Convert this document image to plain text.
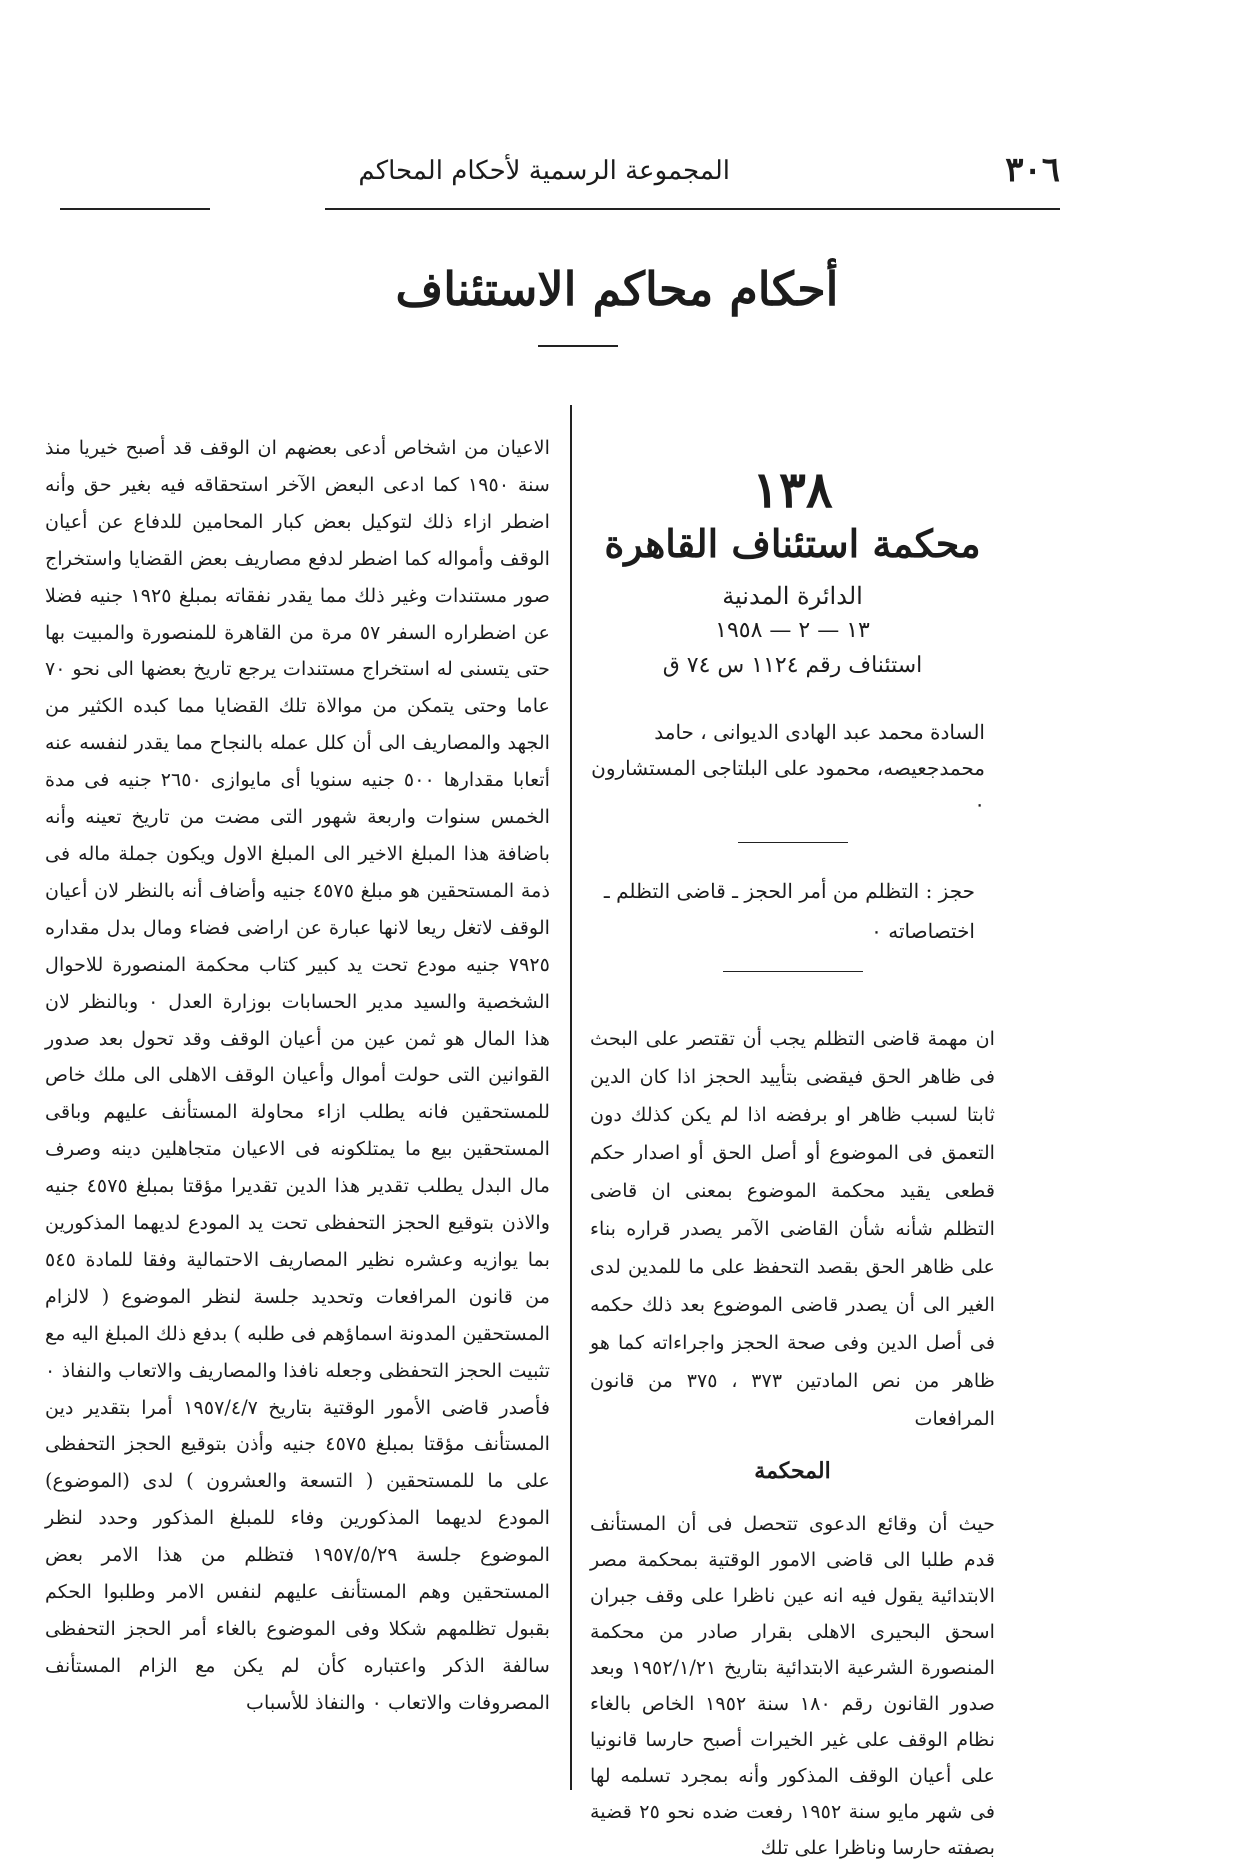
٣٠٦
المجموعة الرسمية لأحكام المحاكم
أحكام محاكم الاستئناف
١٣٨
محكمة استئناف القاهرة
الدائرة المدنية
١٣ — ٢ — ١٩٥٨
استئناف رقم ١١٢٤ س ٧٤ ق
السادة محمد عبد الهادى الديوانى ، حامد محمدجعيصه، محمود على البلتاجى المستشارون ٠
حجز : التظلم من أمر الحجز ـ قاضى التظلم ـ اختصاصاته ٠

ان مهمة قاضى التظلم يجب أن تقتصر على البحث فى ظاهر الحق فيقضى بتأييد الحجز اذا كان الدين ثابتا لسبب ظاهر او برفضه اذا لم يكن كذلك دون التعمق فى الموضوع أو أصل الحق أو اصدار حكم قطعى يقيد محكمة الموضوع بمعنى ان قاضى التظلم شأنه شأن القاضى الآمر يصدر قراره بناء على ظاهر الحق بقصد التحفظ على ما للمدين لدى الغير الى أن يصدر قاضى الموضوع بعد ذلك حكمه فى أصل الدين وفى صحة الحجز واجراءاته كما هو ظاهر من نص المادتين ٣٧٣ ، ٣٧٥ من قانون المرافعات

المحكمة

حيث أن وقائع الدعوى تتحصل فى أن المستأنف قدم طلبا الى قاضى الامور الوقتية بمحكمة مصر الابتدائية يقول فيه انه عين ناظرا على وقف جبران اسحق البحيرى الاهلى بقرار صادر من محكمة المنصورة الشرعية الابتدائية بتاريخ ١٩٥٢/١/٢١ وبعد صدور القانون رقم ١٨٠ سنة ١٩٥٢ الخاص بالغاء نظام الوقف على غير الخيرات أصبح حارسا قانونيا على أعيان الوقف المذكور وأنه بمجرد تسلمه لها فى شهر مايو سنة ١٩٥٢ رفعت ضده نحو ٢٥ قضية بصفته حارسا وناظرا على تلك

الاعيان من اشخاص أدعى بعضهم ان الوقف قد أصبح خيريا منذ سنة ١٩٥٠ كما ادعى البعض الآخر استحقاقه فيه بغير حق وأنه اضطر ازاء ذلك لتوكيل بعض كبار المحامين للدفاع عن أعيان الوقف وأمواله كما اضطر لدفع مصاريف بعض القضايا واستخراج صور مستندات وغير ذلك مما يقدر نفقاته بمبلغ ١٩٢٥ جنيه فضلا عن اضطراره السفر ٥٧ مرة من القاهرة للمنصورة والمبيت بها حتى يتسنى له استخراج مستندات يرجع تاريخ بعضها الى نحو ٧٠ عاما وحتى يتمكن من موالاة تلك القضايا مما كبده الكثير من الجهد والمصاريف الى أن كلل عمله بالنجاح مما يقدر لنفسه عنه أتعابا مقدارها ٥٠٠ جنيه سنويا أى مايوازى ٢٦٥٠ جنيه فى مدة الخمس سنوات واربعة شهور التى مضت من تاريخ تعينه وأنه باضافة هذا المبلغ الاخير الى المبلغ الاول ويكون جملة ماله فى ذمة المستحقين هو مبلغ ٤٥٧٥ جنيه وأضاف أنه بالنظر لان أعيان الوقف لاتغل ريعا لانها عبارة عن اراضى فضاء ومال بدل مقداره ٧٩٢٥ جنيه مودع تحت يد كبير كتاب محكمة المنصورة للاحوال الشخصية والسيد مدير الحسابات بوزارة العدل ٠ وبالنظر لان هذا المال هو ثمن عين من أعيان الوقف وقد تحول بعد صدور القوانين التى حولت أموال وأعيان الوقف الاهلى الى ملك خاص للمستحقين فانه يطلب ازاء محاولة المستأنف عليهم وباقى المستحقين بيع ما يمتلكونه فى الاعيان متجاهلين دينه وصرف مال البدل يطلب تقدير هذا الدين تقديرا مؤقتا بمبلغ ٤٥٧٥ جنيه والاذن بتوقيع الحجز التحفظى تحت يد المودع لديهما المذكورين بما يوازيه وعشره نظير المصاريف الاحتمالية وفقا للمادة ٥٤٥ من قانون المرافعات وتحديد جلسة لنظر الموضوع ( لالزام المستحقين المدونة اسماؤهم فى طلبه ) بدفع ذلك المبلغ اليه مع تثبيت الحجز التحفظى وجعله نافذا والمصاريف والاتعاب والنفاذ ٠ فأصدر قاضى الأمور الوقتية بتاريخ ١٩٥٧/٤/٧ أمرا بتقدير دين المستأنف مؤقتا بمبلغ ٤٥٧٥ جنيه وأذن بتوقيع الحجز التحفظى على ما للمستحقين ( التسعة والعشرون ) لدى (الموضوع) المودع لديهما المذكورين وفاء للمبلغ المذكور وحدد لنظر الموضوع جلسة ١٩٥٧/٥/٢٩ فتظلم من هذا الامر بعض المستحقين وهم المستأنف عليهم لنفس الامر وطلبوا الحكم بقبول تظلمهم شكلا وفى الموضوع بالغاء أمر الحجز التحفظى سالفة الذكر واعتباره كأن لم يكن مع الزام المستأنف المصروفات والاتعاب ٠ والنفاذ للأسباب
